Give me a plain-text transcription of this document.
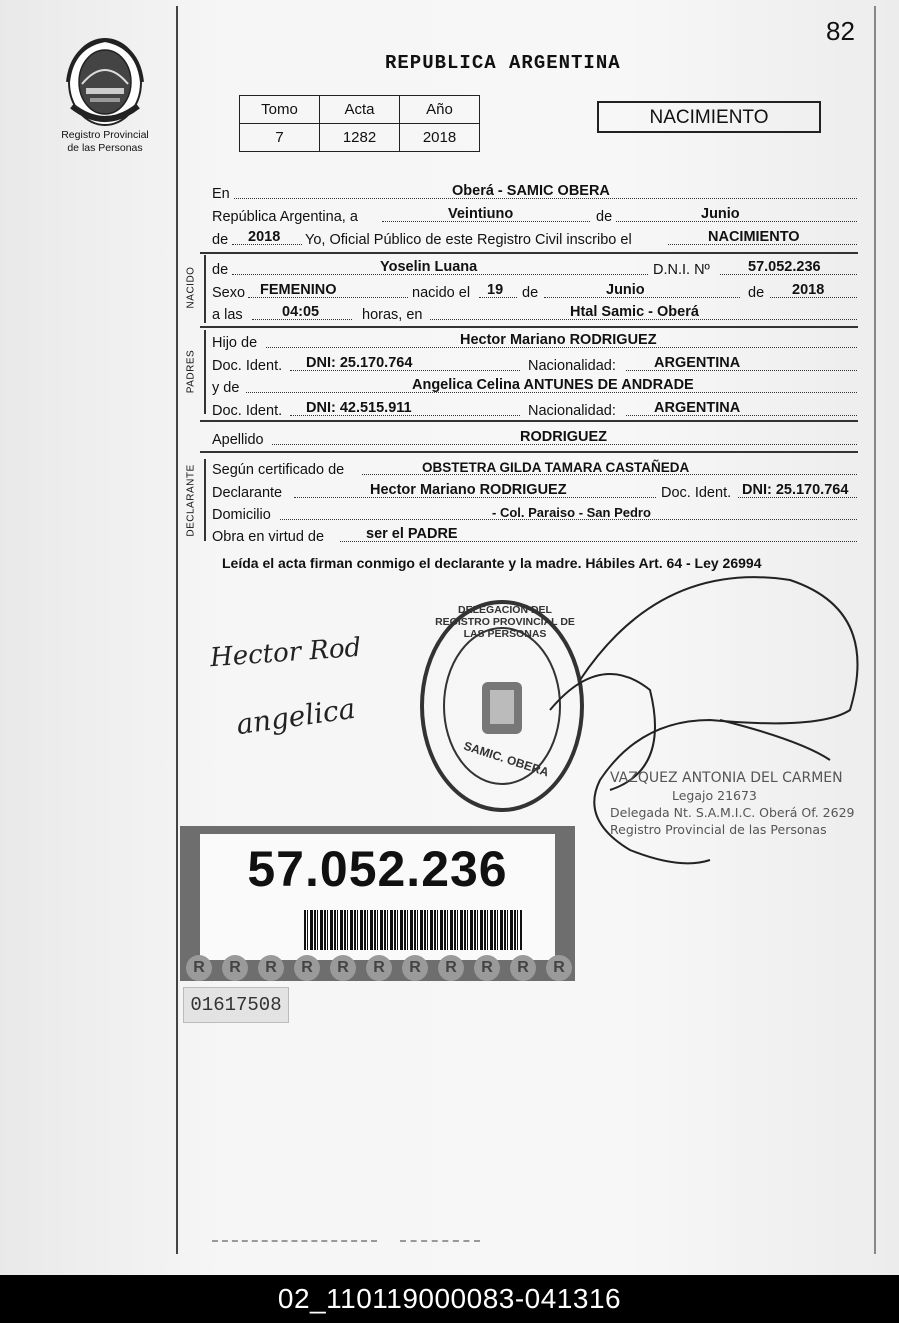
82
Registro Provincial
de las Personas
REPUBLICA ARGENTINA
Tomo	Acta	Año
7	1282	2018
NACIMIENTO
En	Oberá - SAMIC OBERA
República Argentina, a	Veintiuno	de	Junio
de 2018 Yo, Oficial Público de este Registro Civil inscribo el	NACIMIENTO
NACIDO de	Yoselin Luana	D.N.I. Nº	57.052.236
Sexo FEMENINO	nacido el 19 de	Junio	de 2018
a las	04:05	horas, en	Htal Samic - Oberá
PADRES
Hijo de	Hector Mariano RODRIGUEZ
Doc. Ident. DNI: 25.170.764	Nacionalidad:	ARGENTINA
y de	Angelica Celina ANTUNES DE ANDRADE
Doc. Ident. DNI: 42.515.911	Nacionalidad:	ARGENTINA
Apellido	RODRIGUEZ
DECLARANTE Según certificado de	OBSTETRA GILDA TAMARA CASTAÑEDA
Declarante	Hector Mariano RODRIGUEZ	Doc. Ident. DNI: 25.170.764
Domicilio	- Col. Paraiso - San Pedro
Obra en virtud de	ser el PADRE
Leída el acta firman conmigo el declarante y la madre. Hábiles Art. 64 - Ley 26994
Hector Rod
angelica
DELEGACIÓN DEL REGISTRO PROVINCIAL DE LAS PERSONAS
SAMIC. OBERA	VAZQUEZ ANTONIA DEL CARMEN
Legajo 21673
Delegada Nt. S.A.M.I.C. Oberá Of. 2629
Registro Provincial de las Personas
57.052.236
R	R	R	R	R	R	R	R	R	R	R
01617508
02_110119000083-041316
